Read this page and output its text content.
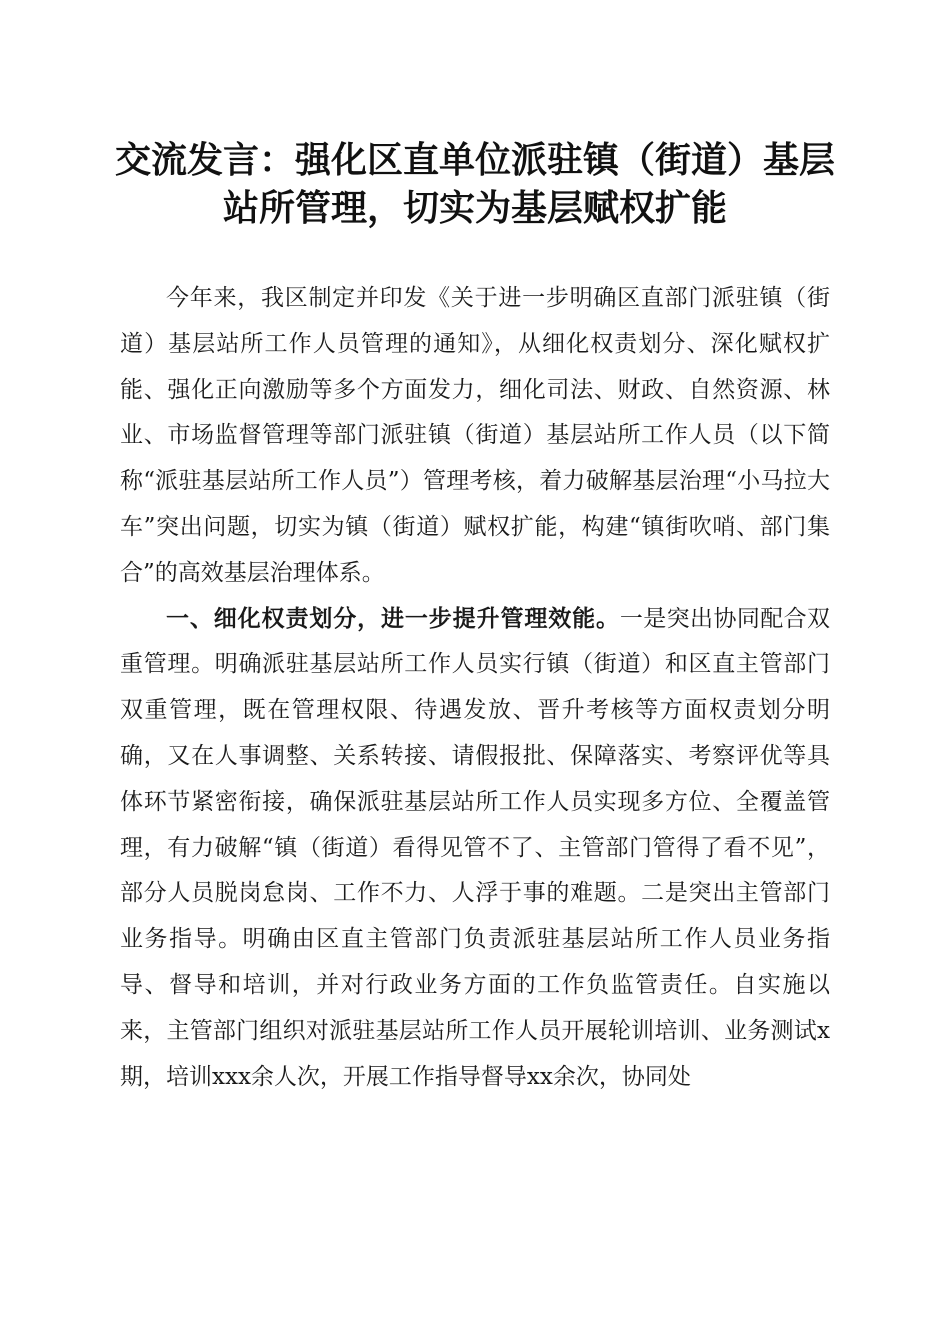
交流发言：强化区直单位派驻镇（街道）基层
站所管理，切实为基层赋权扩能

今年来，我区制定并印发《关于进一步明确区直部门派驻镇（街道）基层站所工作人员管理的通知》，从细化权责划分、深化赋权扩能、强化正向激励等多个方面发力，细化司法、财政、自然资源、林业、市场监督管理等部门派驻镇（街道）基层站所工作人员（以下简称“派驻基层站所工作人员”）管理考核，着力破解基层治理“小马拉大车”突出问题，切实为镇（街道）赋权扩能，构建“镇街吹哨、部门集合”的高效基层治理体系。

一、细化权责划分，进一步提升管理效能。一是突出协同配合双重管理。明确派驻基层站所工作人员实行镇（街道）和区直主管部门双重管理，既在管理权限、待遇发放、晋升考核等方面权责划分明确，又在人事调整、关系转接、请假报批、保障落实、考察评优等具体环节紧密衔接，确保派驻基层站所工作人员实现多方位、全覆盖管理，有力破解“镇（街道）看得见管不了、主管部门管得了看不见”，部分人员脱岗怠岗、工作不力、人浮于事的难题。二是突出主管部门业务指导。明确由区直主管部门负责派驻基层站所工作人员业务指导、督导和培训，并对行政业务方面的工作负监管责任。自实施以来，主管部门组织对派驻基层站所工作人员开展轮训培训、业务测试x期，培训xxx余人次，开展工作指导督导xx余次，协同处
